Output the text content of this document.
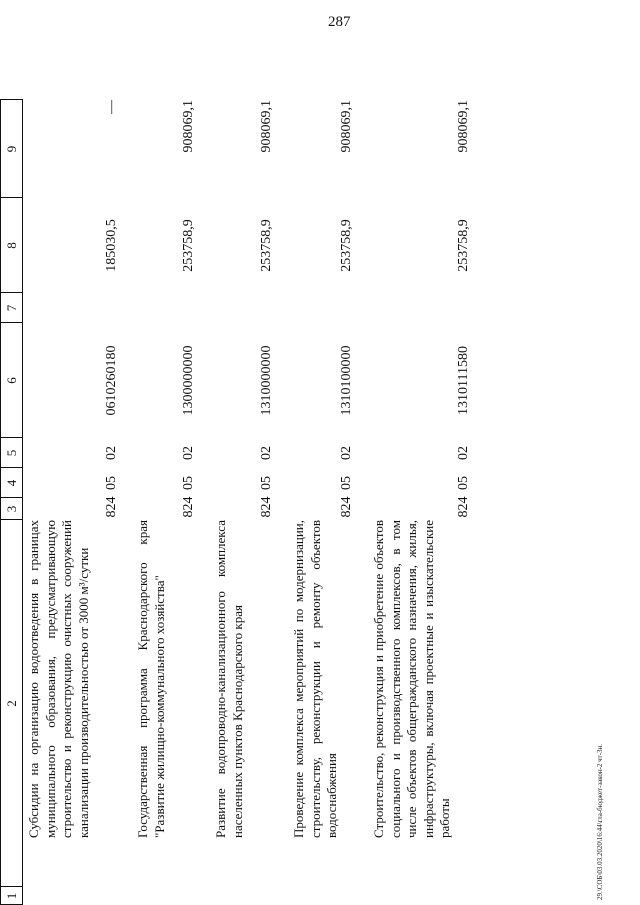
287
29.\СОБ\03.03.2020\16:44\гла-бюджет-закон-2 чт-3н.
1
2
3
4
5
6
7
8
9
Субсидии на организацию водоотведения в границах муниципального образования, предусматривающую строительство и реконструкцию очистных сооружений канализации производительностью от 3000 м³/сутки
824
05
02
0610260180
185030,5
—
Государственная программа Краснодарского края "Развитие жилищно-коммунального хозяйства"
824
05
02
1300000000
253758,9
908069,1
Развитие водопроводно-канализационного комплекса населенных пунктов Краснодарского края
824
05
02
1310000000
253758,9
908069,1
Проведение комплекса мероприятий по модернизации, строительству, реконструкции и ремонту объектов водоснабжения
824
05
02
1310100000
253758,9
908069,1
Строительство, реконструкция и приобретение объектов социального и производственного комплексов, в том числе объектов общегражданского назначения, жилья, инфраструктуры, включая проектные и изыскательские работы
824
05
02
1310111580
253758,9
908069,1
